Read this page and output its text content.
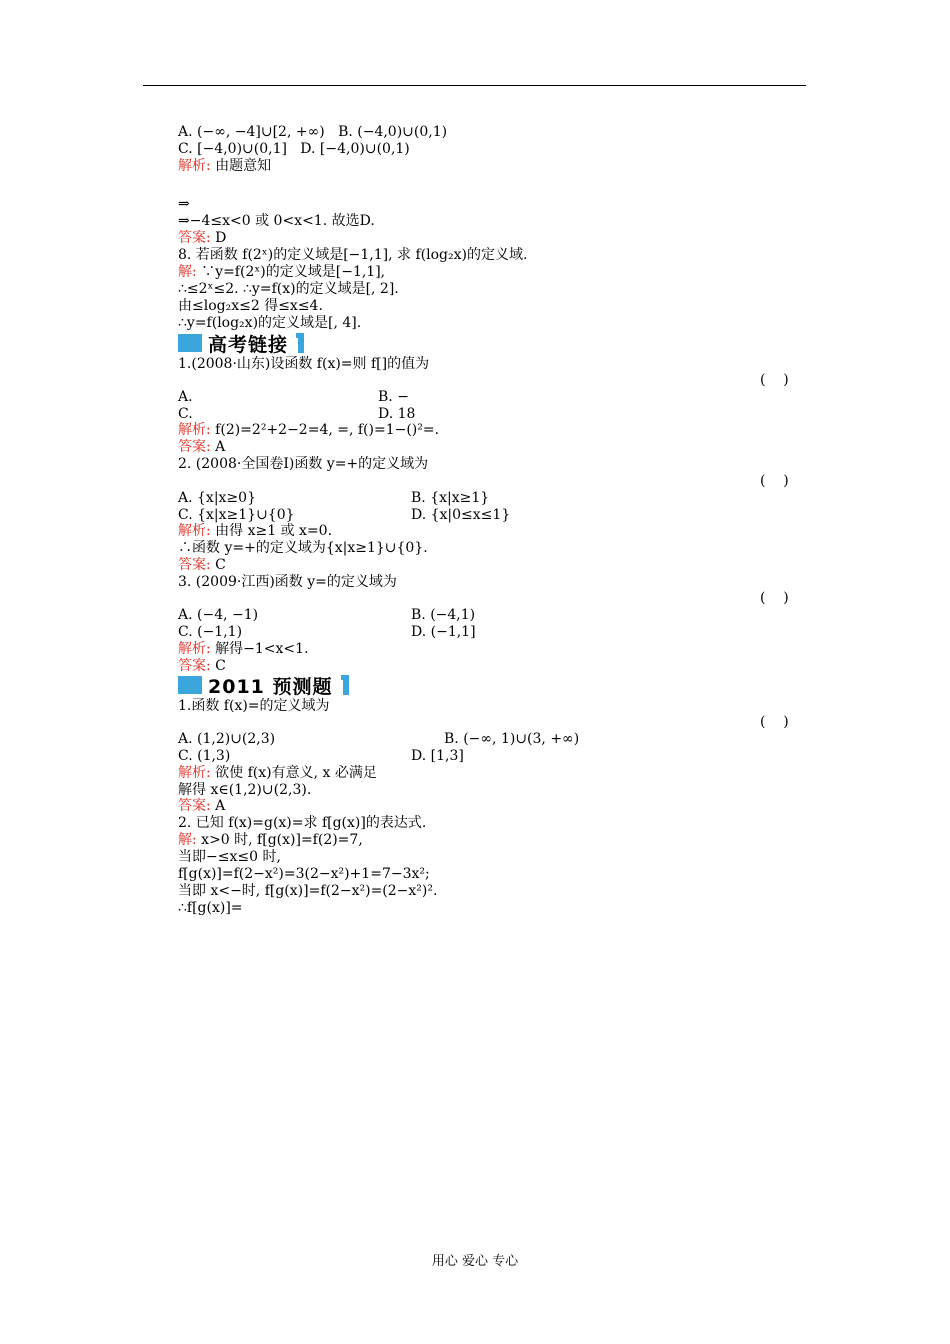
A. (−∞, −4]∪[2, +∞)   B. (−4,0)∪(0,1)
C. [−4,0)∪(0,1]   D. [−4,0)∪(0,1)
解析: 由题意知
⇒
⇒−4≤x<0 或 0<x<1. 故选D.
答案: D
8. 若函数 f(2ˣ)的定义域是[−1,1], 求 f(log₂x)的定义域.
解: ∵y=f(2ˣ)的定义域是[−1,1],
∴≤2ˣ≤2. ∴y=f(x)的定义域是[, 2].
由≤log₂x≤2 得≤x≤4.
∴y=f(log₂x)的定义域是[, 4].
高考链接
1.(2008·山东)设函数 f(x)=则 f[]的值为
(    )
A.	B. −
C.	D. 18
解析: f(2)=2²+2−2=4, =, f()=1−()²=.
答案: A
2. (2008·全国卷Ⅰ)函数 y=+的定义域为
(    )
A. {x|x≥0}	B. {x|x≥1}
C. {x|x≥1}∪{0}	D. {x|0≤x≤1}
解析: 由得 x≥1 或 x=0.
∴函数 y=+的定义域为{x|x≥1}∪{0}.
答案: C
3. (2009·江西)函数 y=的定义域为
(    )
A. (−4, −1)	B. (−4,1)
C. (−1,1)	D. (−1,1]
解析: 解得−1<x<1.
答案: C
2011 预测题
1.函数 f(x)=的定义域为
(    )
A. (1,2)∪(2,3)	B. (−∞, 1)∪(3, +∞)
C. (1,3)	D. [1,3]
解析: 欲使 f(x)有意义, x 必满足
解得 x∈(1,2)∪(2,3).
答案: A
2. 已知 f(x)=g(x)=求 f[g(x)]的表达式.
解: x>0 时, f[g(x)]=f(2)=7,
当即−≤x≤0 时,
f[g(x)]=f(2−x²)=3(2−x²)+1=7−3x²;
当即 x<−时, f[g(x)]=f(2−x²)=(2−x²)².
∴f[g(x)]=
用心 爱心 专心
